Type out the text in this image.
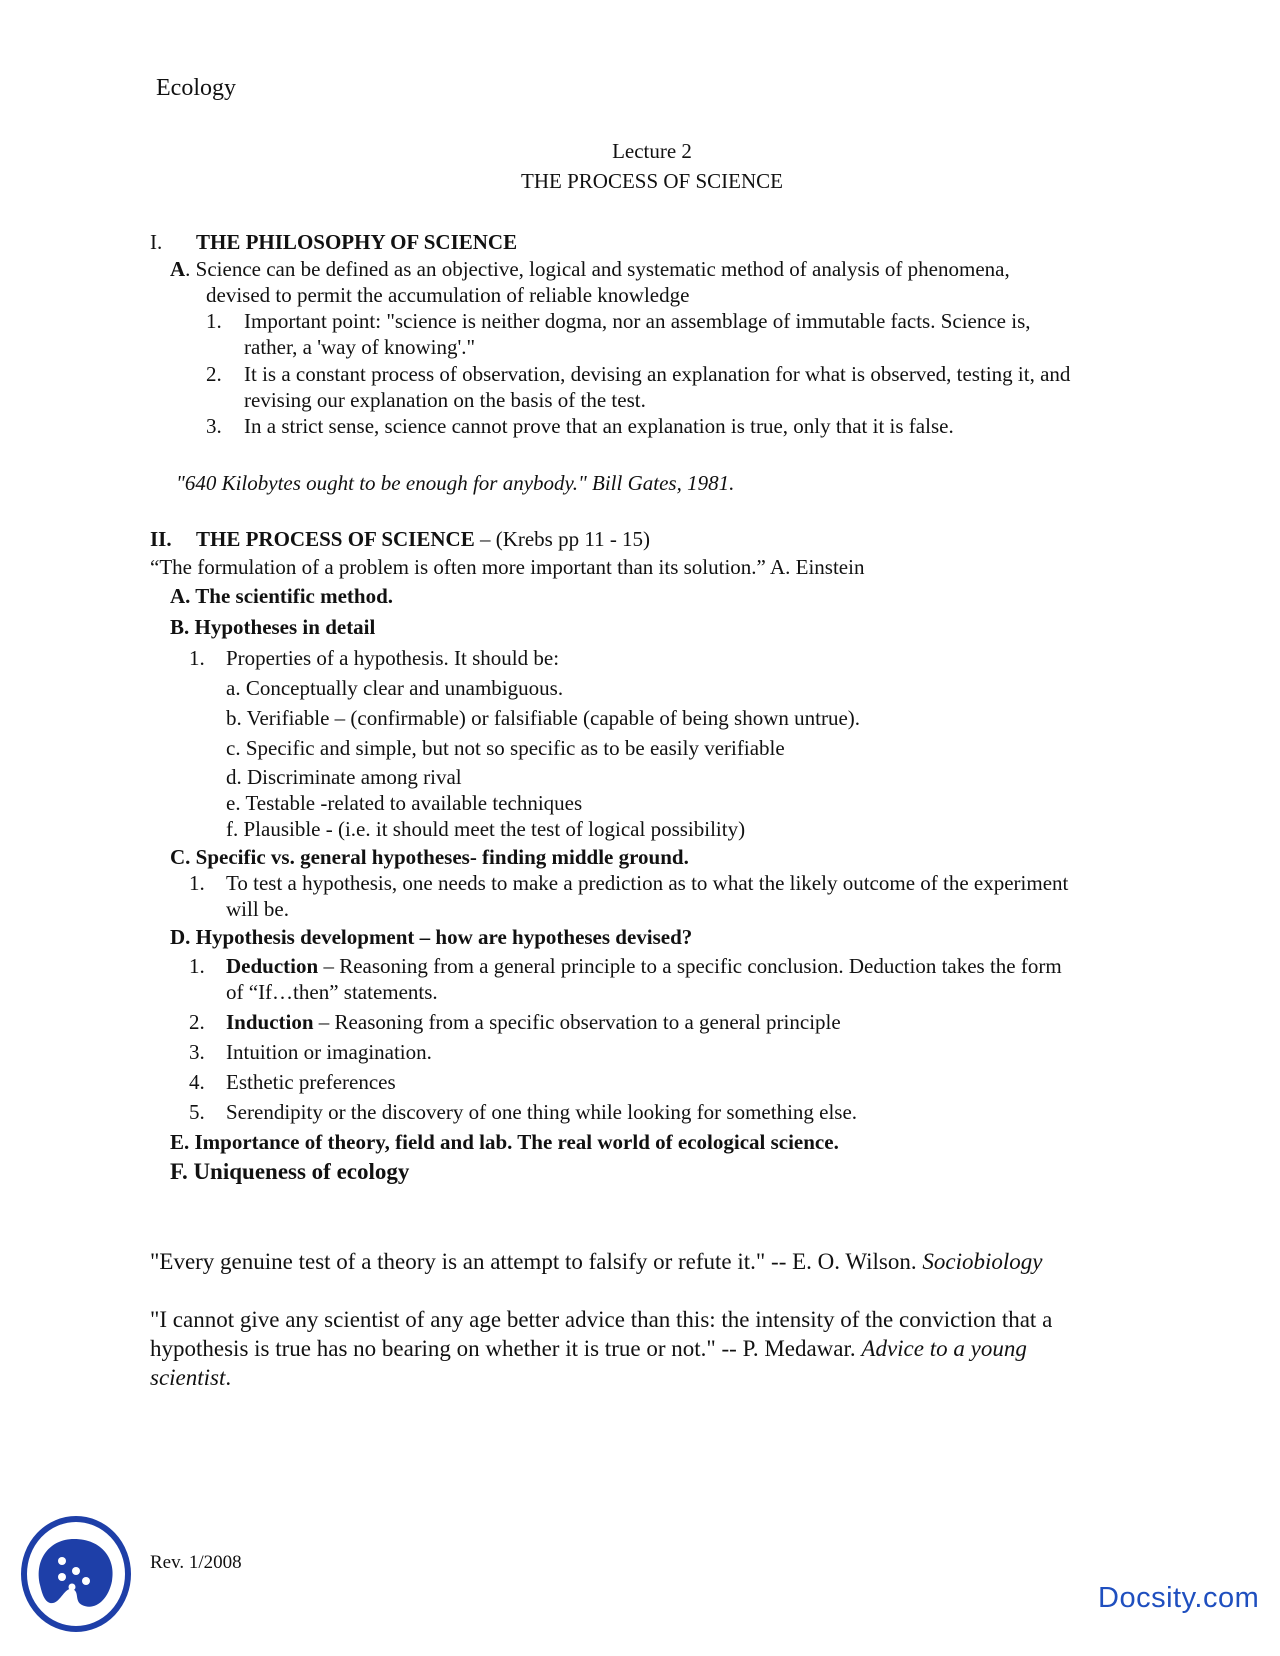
Ecology
Lecture 2
THE PROCESS OF SCIENCE
I. THE PHILOSOPHY OF SCIENCE
A. Science can be defined as an objective, logical and systematic method of analysis of phenomena,
devised to permit the accumulation of reliable knowledge
1. Important point: "science is neither dogma, nor an assemblage of immutable facts. Science is,
rather, a 'way of knowing'."
2. It is a constant process of observation, devising an explanation for what is observed, testing it, and
revising our explanation on the basis of the test.
3. In a strict sense, science cannot prove that an explanation is true, only that it is false.
"640 Kilobytes ought to be enough for anybody." Bill Gates, 1981.
II. THE PROCESS OF SCIENCE – (Krebs pp 11 - 15)
“The formulation of a problem is often more important than its solution.” A. Einstein
A. The scientific method.
B. Hypotheses in detail
1. Properties of a hypothesis. It should be:
a. Conceptually clear and unambiguous.
b. Verifiable – (confirmable) or falsifiable (capable of being shown untrue).
c. Specific and simple, but not so specific as to be easily verifiable
d. Discriminate among rival
e. Testable -related to available techniques
f. Plausible - (i.e. it should meet the test of logical possibility)
C. Specific vs. general hypotheses- finding middle ground.
1. To test a hypothesis, one needs to make a prediction as to what the likely outcome of the experiment
will be.
D. Hypothesis development – how are hypotheses devised?
1. Deduction – Reasoning from a general principle to a specific conclusion. Deduction takes the form
of “If…then” statements.
2. Induction – Reasoning from a specific observation to a general principle
3. Intuition or imagination.
4. Esthetic preferences
5. Serendipity or the discovery of one thing while looking for something else.
E. Importance of theory, field and lab. The real world of ecological science.
F. Uniqueness of ecology
"Every genuine test of a theory is an attempt to falsify or refute it." -- E. O. Wilson. Sociobiology
"I cannot give any scientist of any age better advice than this: the intensity of the conviction that a
hypothesis is true has no bearing on whether it is true or not." -- P. Medawar. Advice to a young
scientist.
Rev. 1/2008
Docsity.com
